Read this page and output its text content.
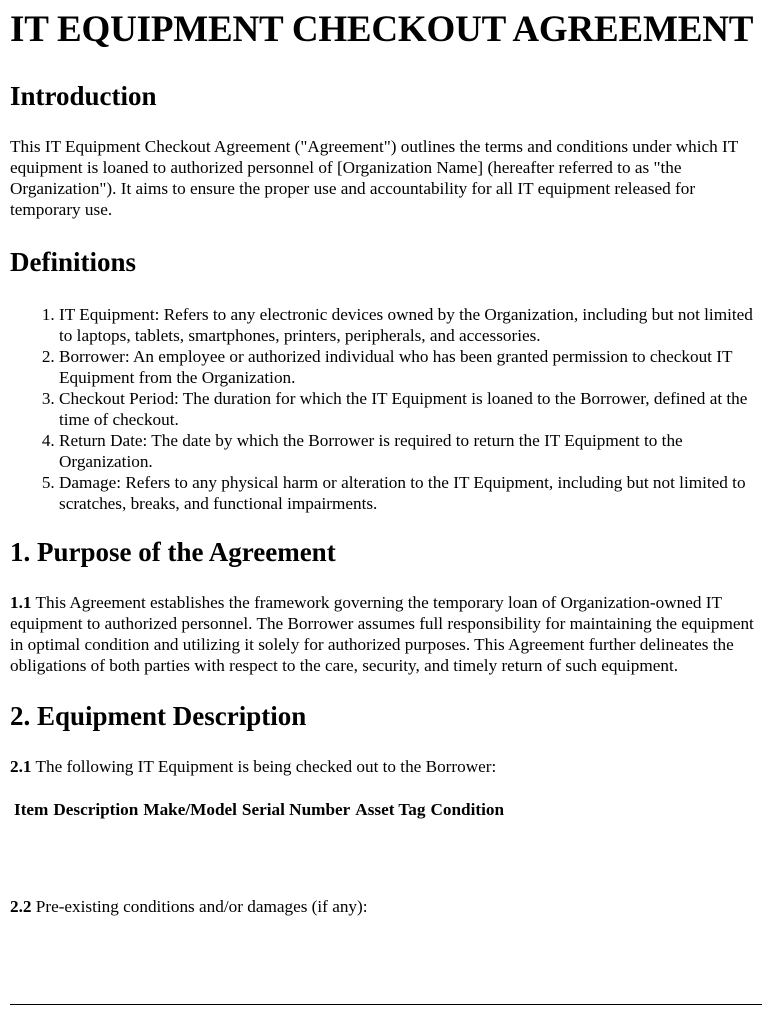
IT EQUIPMENT CHECKOUT AGREEMENT
Introduction

This IT Equipment Checkout Agreement ("Agreement") outlines the terms and conditions under which IT equipment is loaned to authorized personnel of [Organization Name] (hereafter referred to as "the Organization"). It aims to ensure the proper use and accountability for all IT equipment released for temporary use.

Definitions
1. IT Equipment: Refers to any electronic devices owned by the Organization, including but not limited to laptops, tablets, smartphones, printers, peripherals, and accessories.
2. Borrower: An employee or authorized individual who has been granted permission to checkout IT Equipment from the Organization.
3. Checkout Period: The duration for which the IT Equipment is loaned to the Borrower, defined at the time of checkout.
4. Return Date: The date by which the Borrower is required to return the IT Equipment to the Organization.
5. Damage: Refers to any physical harm or alteration to the IT Equipment, including but not limited to scratches, breaks, and functional impairments.
1. Purpose of the Agreement

1.1 This Agreement establishes the framework governing the temporary loan of Organization-owned IT equipment to authorized personnel. The Borrower assumes full responsibility for maintaining the equipment in optimal condition and utilizing it solely for authorized purposes. This Agreement further delineates the obligations of both parties with respect to the care, security, and timely return of such equipment.

2. Equipment Description

2.1 The following IT Equipment is being checked out to the Borrower:

Item Description Make/Model Serial Number Asset Tag Condition

2.2 Pre-existing conditions and/or damages (if any):
